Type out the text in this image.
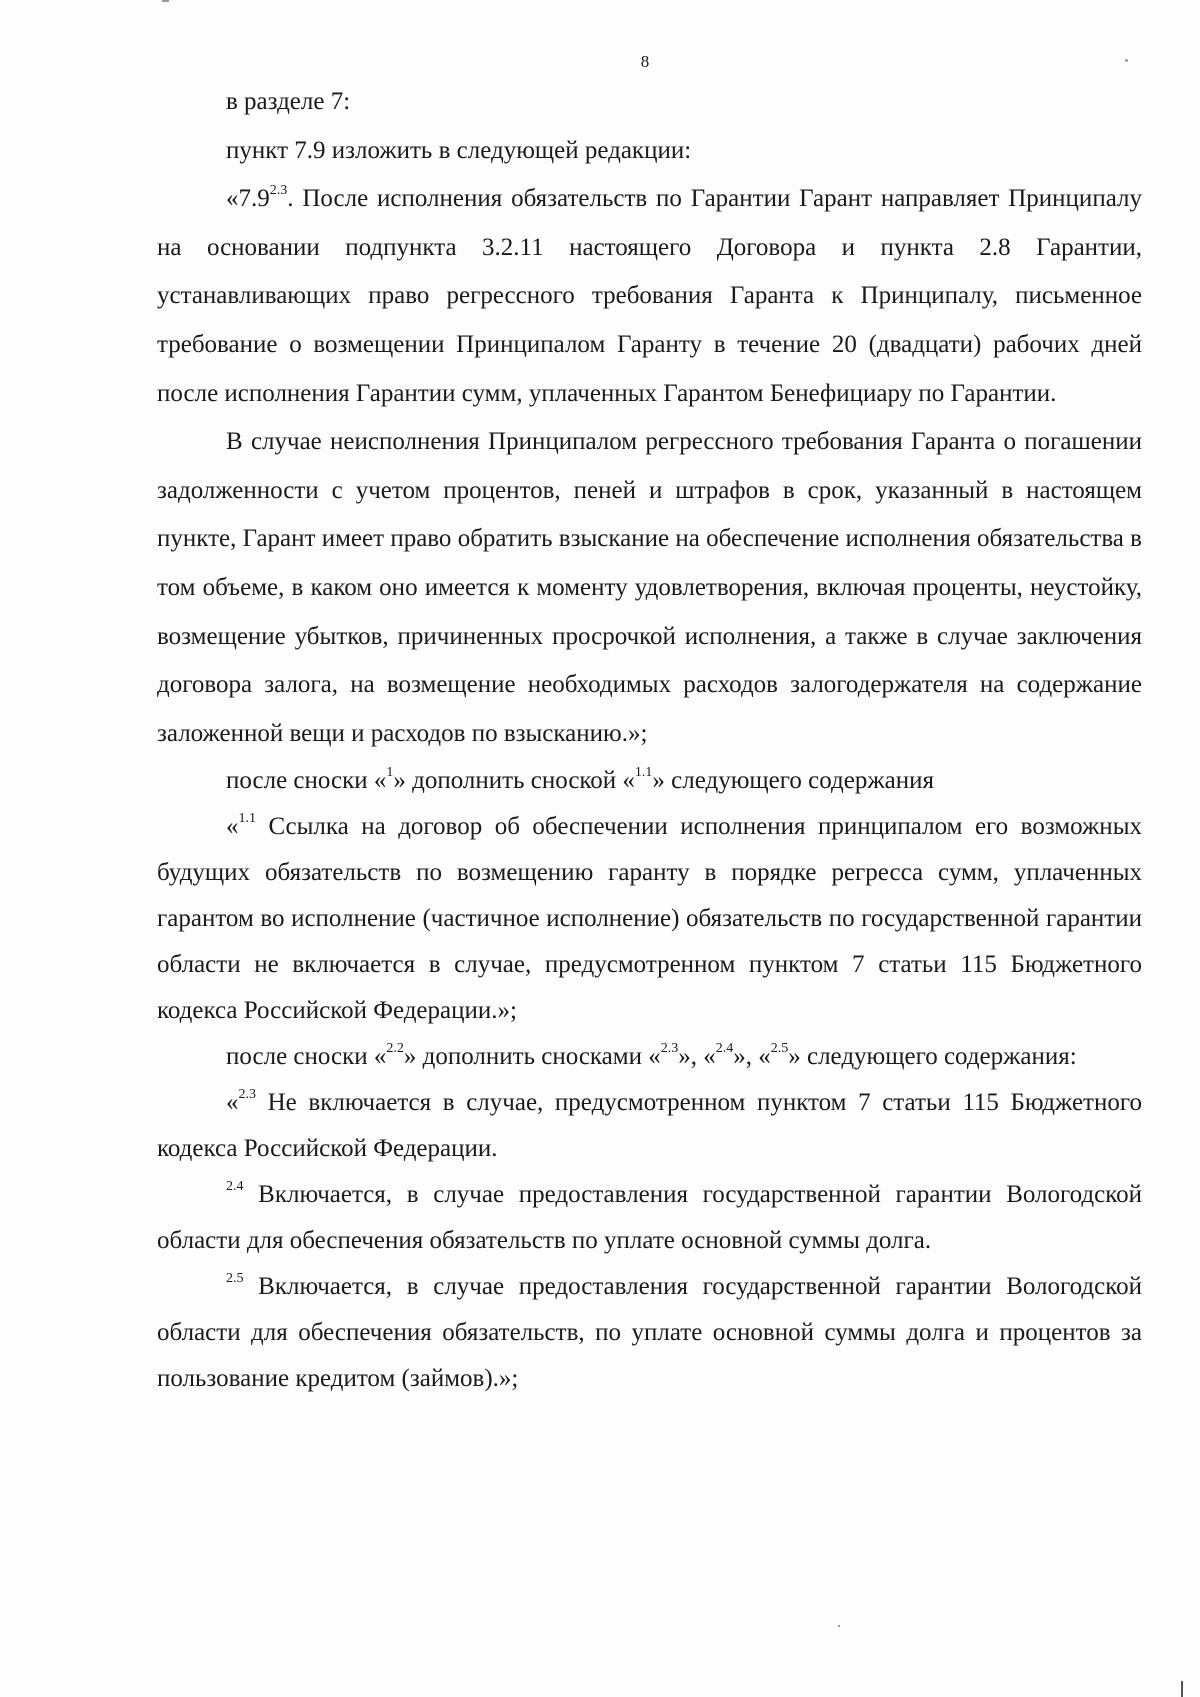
8

в разделе 7:

пункт 7.9 изложить в следующей редакции:

«$7.9^{2.3}$. После исполнения обязательств по Гарантии Гарант направляет Принципалу на основании подпункта 3.2.11 настоящего Договора и пункта 2.8 Гарантии, устанавливающих право регрессного требования Гаранта к Принципалу, письменное требование о возмещении Принципалом Гаранту в течение 20 (двадцати) рабочих дней после исполнения Гарантии сумм, уплаченных Гарантом Бенефициару по Гарантии.

В случае неисполнения Принципалом регрессного требования Гаранта о погашении задолженности с учетом процентов, пеней и штрафов в срок, указанный в настоящем пункте, Гарант имеет право обратить взыскание на обеспечение исполнения обязательства в том объеме, в каком оно имеется к моменту удовлетворения, включая проценты, неустойку, возмещение убытков, причиненных просрочкой исполнения, а также в случае заключения договора залога, на возмещение необходимых расходов залогодержателя на содержание заложенной вещи и расходов по взысканию.»;

после сноски «$^1$» дополнить сноской «$^{1.1}$» следующего содержания

«$^{1.1}$ Ссылка на договор об обеспечении исполнения принципалом его возможных будущих обязательств по возмещению гаранту в порядке регресса сумм, уплаченных гарантом во исполнение (частичное исполнение) обязательств по государственной гарантии области не включается в случае, предусмотренном пунктом 7 статьи 115 Бюджетного кодекса Российской Федерации.»;

после сноски «$^{2.2}$» дополнить сносками «$^{2.3}$», «$^{2.4}$», «$^{2.5}$» следующего содержания:

«$^{2.3}$ Не включается в случае, предусмотренном пунктом 7 статьи 115 Бюджетного кодекса Российской Федерации.

$^{2.4}$ Включается, в случае предоставления государственной гарантии Вологодской области для обеспечения обязательств по уплате основной суммы долга.

$^{2.5}$ Включается, в случае предоставления государственной гарантии Вологодской области для обеспечения обязательств, по уплате основной суммы долга и процентов за пользование кредитом (займов).»;
